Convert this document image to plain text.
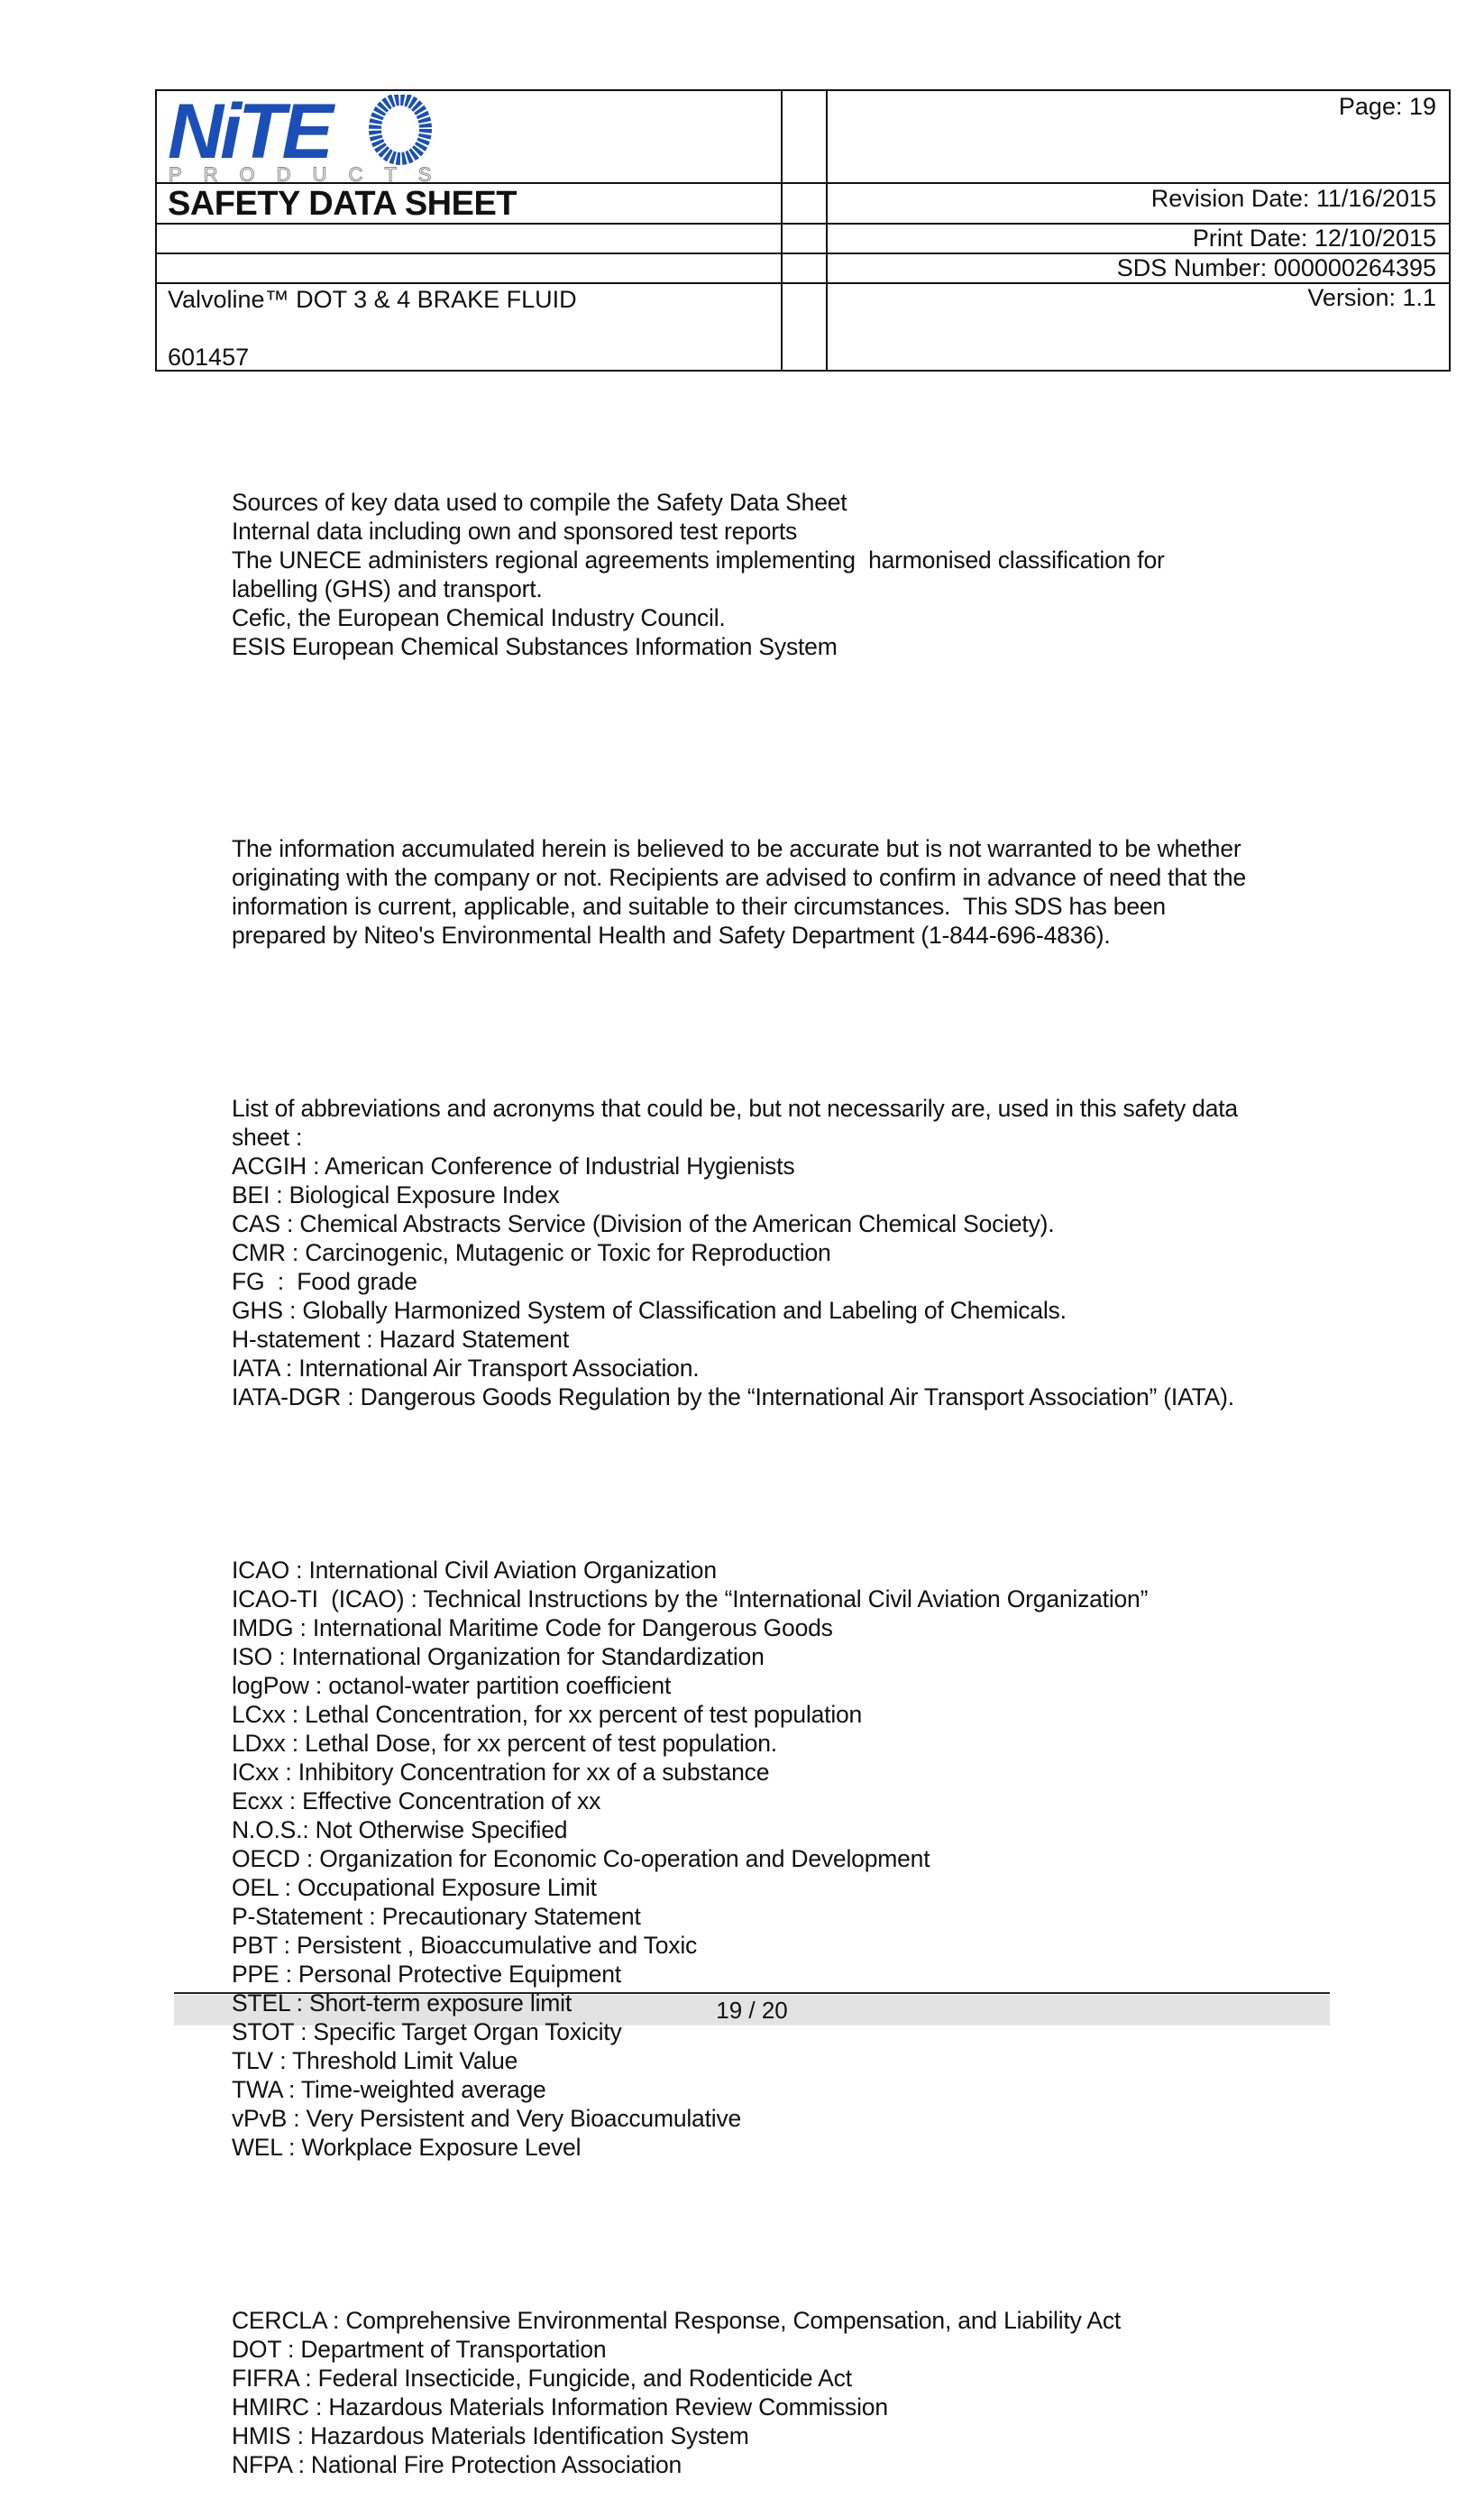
NiTE
PRODUCTS
SAFETY DATA SHEET
Valvoline™ DOT 3 & 4 BRAKE FLUID
601457
Page: 19
Revision Date: 11/16/2015
Print Date: 12/10/2015
SDS Number: 000000264395
Version: 1.1

Sources of key data used to compile the Safety Data Sheet
Internal data including own and sponsored test reports
The UNECE administers regional agreements implementing  harmonised classification for
labelling (GHS) and transport.
Cefic, the European Chemical Industry Council.
ESIS European Chemical Substances Information System

The information accumulated herein is believed to be accurate but is not warranted to be whether
originating with the company or not. Recipients are advised to confirm in advance of need that the
information is current, applicable, and suitable to their circumstances.  This SDS has been
prepared by Niteo's Environmental Health and Safety Department (1-844-696-4836).

List of abbreviations and acronyms that could be, but not necessarily are, used in this safety data
sheet :
ACGIH : American Conference of Industrial Hygienists
BEI : Biological Exposure Index
CAS : Chemical Abstracts Service (Division of the American Chemical Society).
CMR : Carcinogenic, Mutagenic or Toxic for Reproduction
FG  :  Food grade
GHS : Globally Harmonized System of Classification and Labeling of Chemicals.
H-statement : Hazard Statement
IATA : International Air Transport Association.
IATA-DGR : Dangerous Goods Regulation by the “International Air Transport Association” (IATA).

ICAO : International Civil Aviation Organization
ICAO-TI  (ICAO) : Technical Instructions by the “International Civil Aviation Organization”
IMDG : International Maritime Code for Dangerous Goods
ISO : International Organization for Standardization
logPow : octanol-water partition coefficient
LCxx : Lethal Concentration, for xx percent of test population
LDxx : Lethal Dose, for xx percent of test population.
ICxx : Inhibitory Concentration for xx of a substance
Ecxx : Effective Concentration of xx
N.O.S.: Not Otherwise Specified
OECD : Organization for Economic Co-operation and Development
OEL : Occupational Exposure Limit
P-Statement : Precautionary Statement
PBT : Persistent , Bioaccumulative and Toxic
PPE : Personal Protective Equipment
STEL : Short-term exposure limit
STOT : Specific Target Organ Toxicity
TLV : Threshold Limit Value
TWA : Time-weighted average
vPvB : Very Persistent and Very Bioaccumulative
WEL : Workplace Exposure Level

CERCLA : Comprehensive Environmental Response, Compensation, and Liability Act
DOT : Department of Transportation
FIFRA : Federal Insecticide, Fungicide, and Rodenticide Act
HMIRC : Hazardous Materials Information Review Commission
HMIS : Hazardous Materials Identification System
NFPA : National Fire Protection Association

19 / 20
